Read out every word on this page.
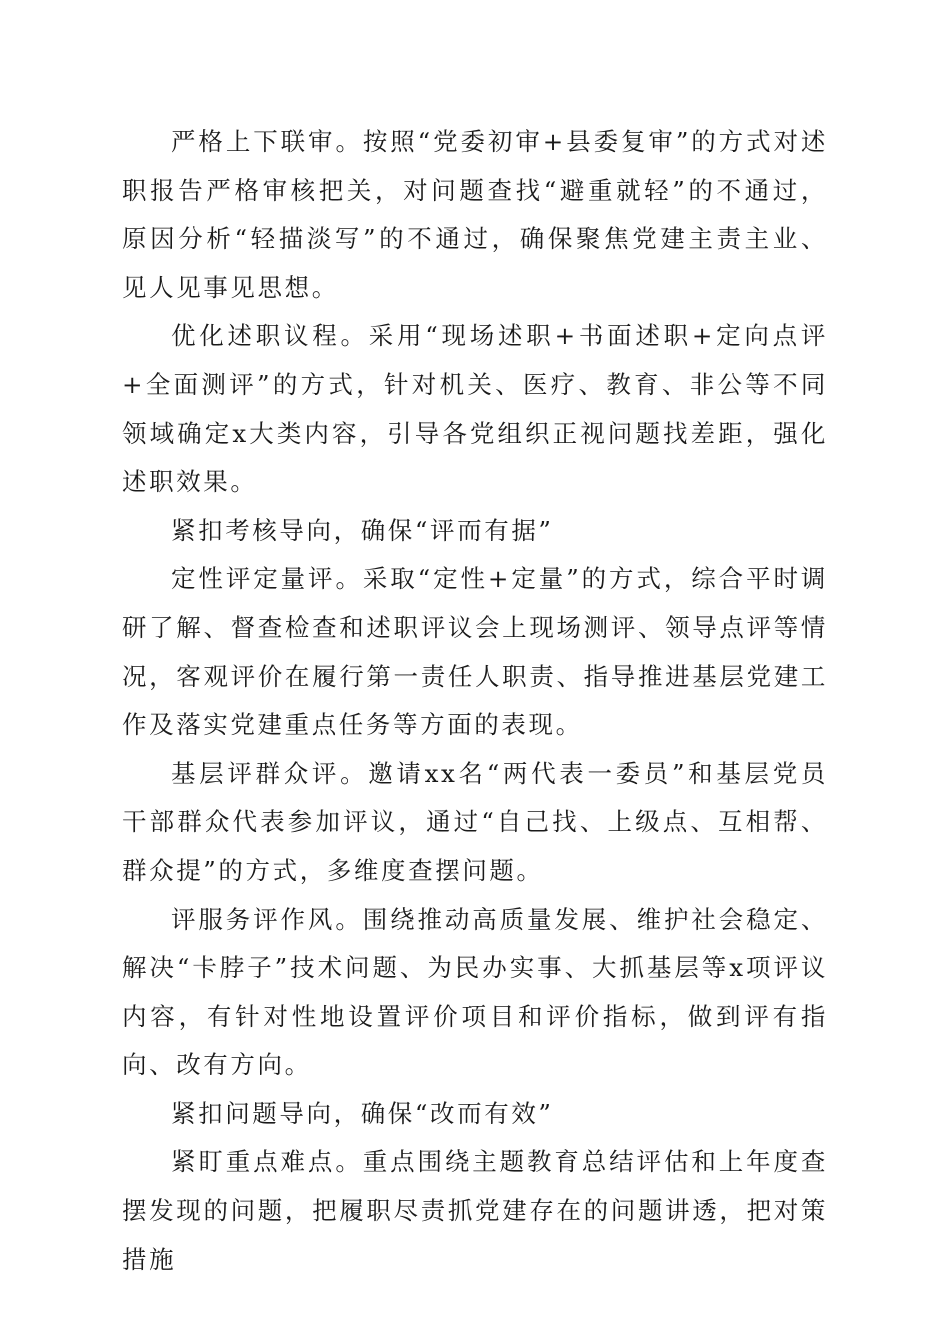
严格上下联审。按照“党委初审+县委复审”的方式对述职报告严格审核把关，对问题查找“避重就轻”的不通过，原因分析“轻描淡写”的不通过，确保聚焦党建主责主业、见人见事见思想。

优化述职议程。采用“现场述职+书面述职+定向点评+全面测评”的方式，针对机关、医疗、教育、非公等不同领域确定x大类内容，引导各党组织正视问题找差距，强化述职效果。

紧扣考核导向，确保“评而有据”

定性评定量评。采取“定性+定量”的方式，综合平时调研了解、督查检查和述职评议会上现场测评、领导点评等情况，客观评价在履行第一责任人职责、指导推进基层党建工作及落实党建重点任务等方面的表现。

基层评群众评。邀请xx名“两代表一委员”和基层党员干部群众代表参加评议，通过“自己找、上级点、互相帮、群众提”的方式，多维度查摆问题。

评服务评作风。围绕推动高质量发展、维护社会稳定、解决“卡脖子”技术问题、为民办实事、大抓基层等x项评议内容，有针对性地设置评价项目和评价指标，做到评有指向、改有方向。

紧扣问题导向，确保“改而有效”

紧盯重点难点。重点围绕主题教育总结评估和上年度查摆发现的问题，把履职尽责抓党建存在的问题讲透，把对策措施
